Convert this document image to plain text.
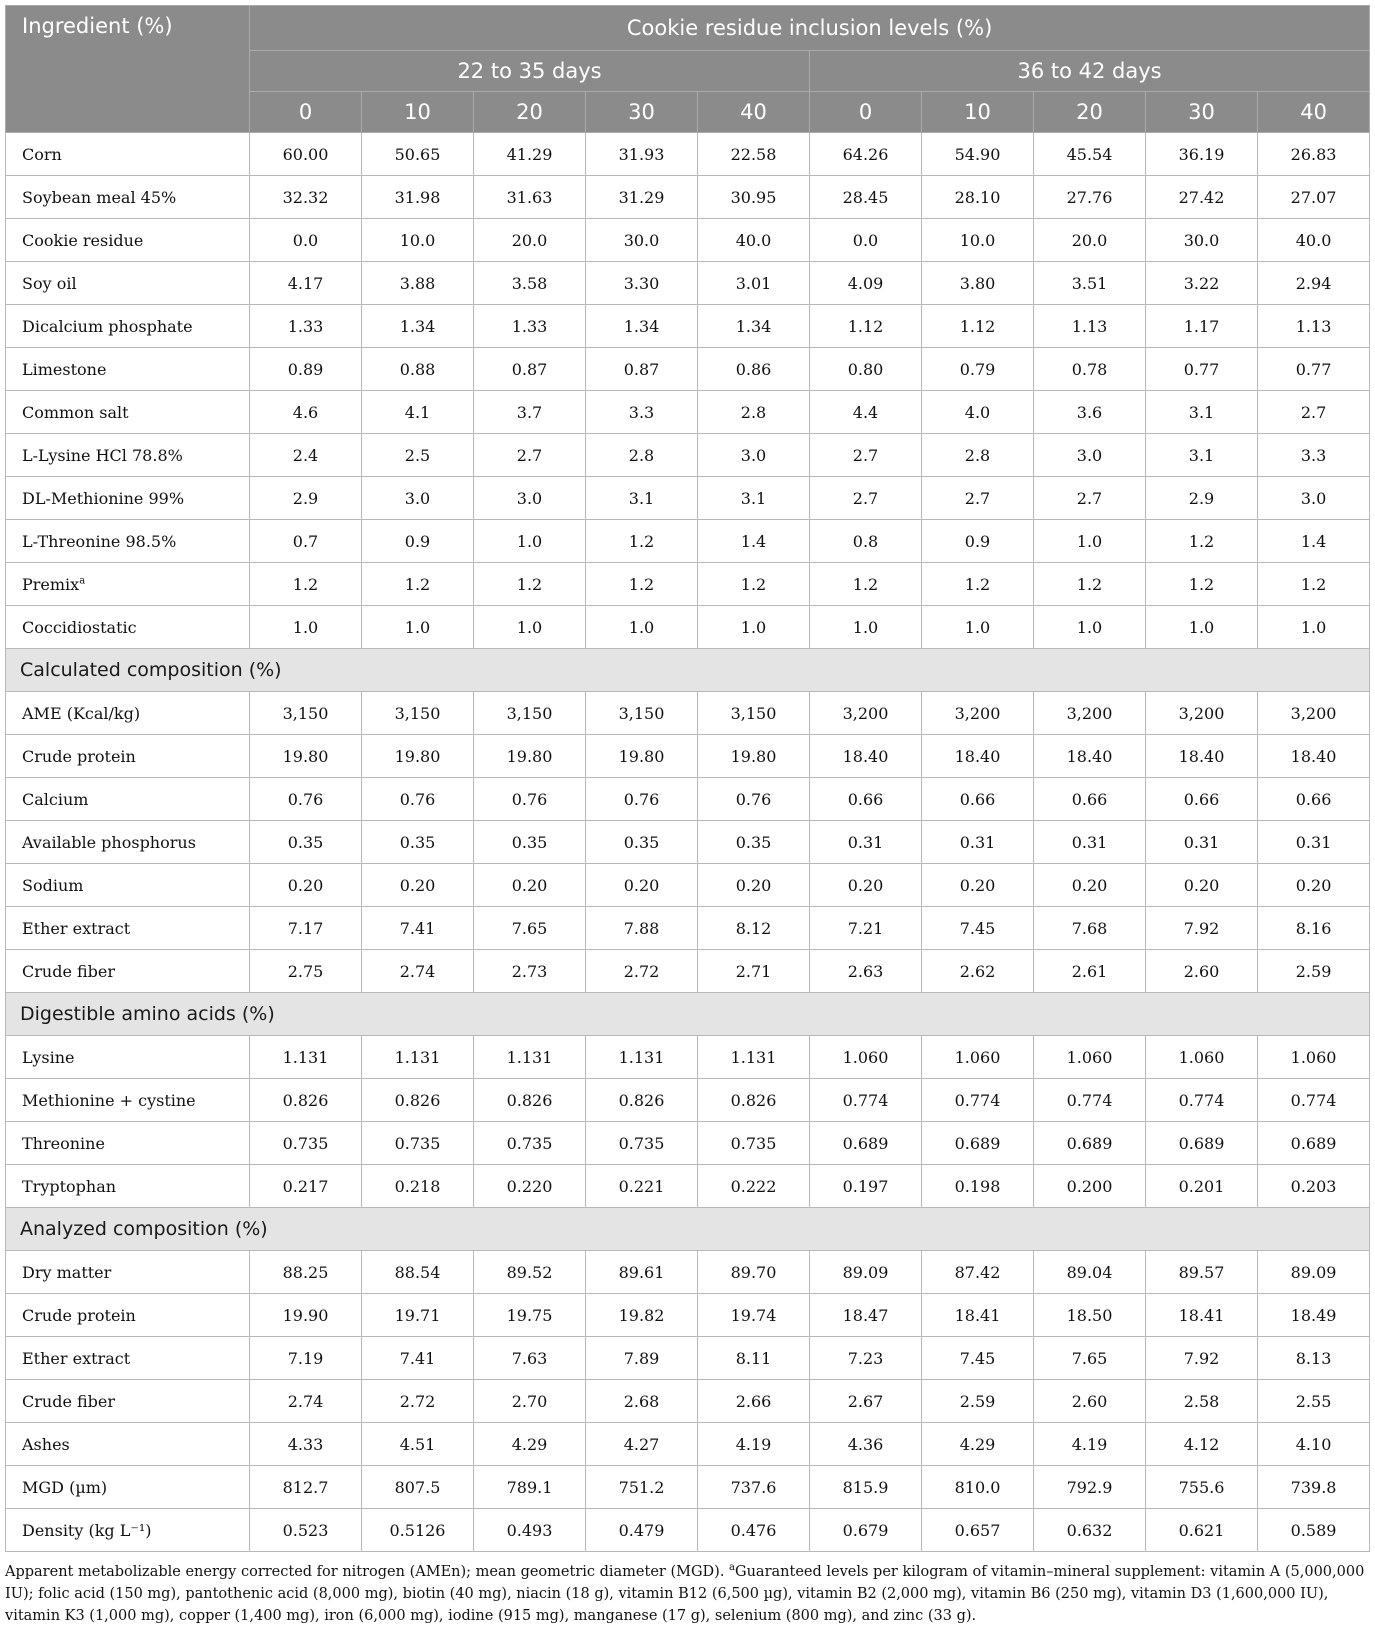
Ingredient (%)	Cookie residue inclusion levels (%)									
	22 to 35 days					36 to 42 days				
	0	10	20	30	40	0	10	20	30	40
Corn	60.00	50.65	41.29	31.93	22.58	64.26	54.90	45.54	36.19	26.83
Soybean meal 45%	32.32	31.98	31.63	31.29	30.95	28.45	28.10	27.76	27.42	27.07
Cookie residue	0.0	10.0	20.0	30.0	40.0	0.0	10.0	20.0	30.0	40.0
Soy oil	4.17	3.88	3.58	3.30	3.01	4.09	3.80	3.51	3.22	2.94
Dicalcium phosphate	1.33	1.34	1.33	1.34	1.34	1.12	1.12	1.13	1.17	1.13
Limestone	0.89	0.88	0.87	0.87	0.86	0.80	0.79	0.78	0.77	0.77
Common salt	4.6	4.1	3.7	3.3	2.8	4.4	4.0	3.6	3.1	2.7
L-Lysine HCl 78.8%	2.4	2.5	2.7	2.8	3.0	2.7	2.8	3.0	3.1	3.3
DL-Methionine 99%	2.9	3.0	3.0	3.1	3.1	2.7	2.7	2.7	2.9	3.0
L-Threonine 98.5%	0.7	0.9	1.0	1.2	1.4	0.8	0.9	1.0	1.2	1.4
Premix$^a$	1.2	1.2	1.2	1.2	1.2	1.2	1.2	1.2	1.2	1.2
Coccidiostatic	1.0	1.0	1.0	1.0	1.0	1.0	1.0	1.0	1.0	1.0
Calculated composition (%)										
AME (Kcal/kg)	3,150	3,150	3,150	3,150	3,150	3,200	3,200	3,200	3,200	3,200
Crude protein	19.80	19.80	19.80	19.80	19.80	18.40	18.40	18.40	18.40	18.40
Calcium	0.76	0.76	0.76	0.76	0.76	0.66	0.66	0.66	0.66	0.66
Available phosphorus	0.35	0.35	0.35	0.35	0.35	0.31	0.31	0.31	0.31	0.31
Sodium	0.20	0.20	0.20	0.20	0.20	0.20	0.20	0.20	0.20	0.20
Ether extract	7.17	7.41	7.65	7.88	8.12	7.21	7.45	7.68	7.92	8.16
Crude fiber	2.75	2.74	2.73	2.72	2.71	2.63	2.62	2.61	2.60	2.59
Digestible amino acids (%)										
Lysine	1.131	1.131	1.131	1.131	1.131	1.060	1.060	1.060	1.060	1.060
Methionine + cystine	0.826	0.826	0.826	0.826	0.826	0.774	0.774	0.774	0.774	0.774
Threonine	0.735	0.735	0.735	0.735	0.735	0.689	0.689	0.689	0.689	0.689
Tryptophan	0.217	0.218	0.220	0.221	0.222	0.197	0.198	0.200	0.201	0.203
Analyzed composition (%)										
Dry matter	88.25	88.54	89.52	89.61	89.70	89.09	87.42	89.04	89.57	89.09
Crude protein	19.90	19.71	19.75	19.82	19.74	18.47	18.41	18.50	18.41	18.49
Ether extract	7.19	7.41	7.63	7.89	8.11	7.23	7.45	7.65	7.92	8.13
Crude fiber	2.74	2.72	2.70	2.68	2.66	2.67	2.59	2.60	2.58	2.55
Ashes	4.33	4.51	4.29	4.27	4.19	4.36	4.29	4.19	4.12	4.10
MGD (µm)	812.7	807.5	789.1	751.2	737.6	815.9	810.0	792.9	755.6	739.8
Density (kg L⁻¹)	0.523	0.5126	0.493	0.479	0.476	0.679	0.657	0.632	0.621	0.589
Apparent metabolizable energy corrected for nitrogen (AMEn); mean geometric diameter (MGD). $^a$Guaranteed levels per kilogram of vitamin–mineral supplement: vitamin A (5,000,000 IU); folic acid (150 mg), pantothenic acid (8,000 mg), biotin (40 mg), niacin (18 g), vitamin B12 (6,500 µg), vitamin B2 (2,000 mg), vitamin B6 (250 mg), vitamin D3 (1,600,000 IU), vitamin K3 (1,000 mg), copper (1,400 mg), iron (6,000 mg), iodine (915 mg), manganese (17 g), selenium (800 mg), and zinc (33 g).
